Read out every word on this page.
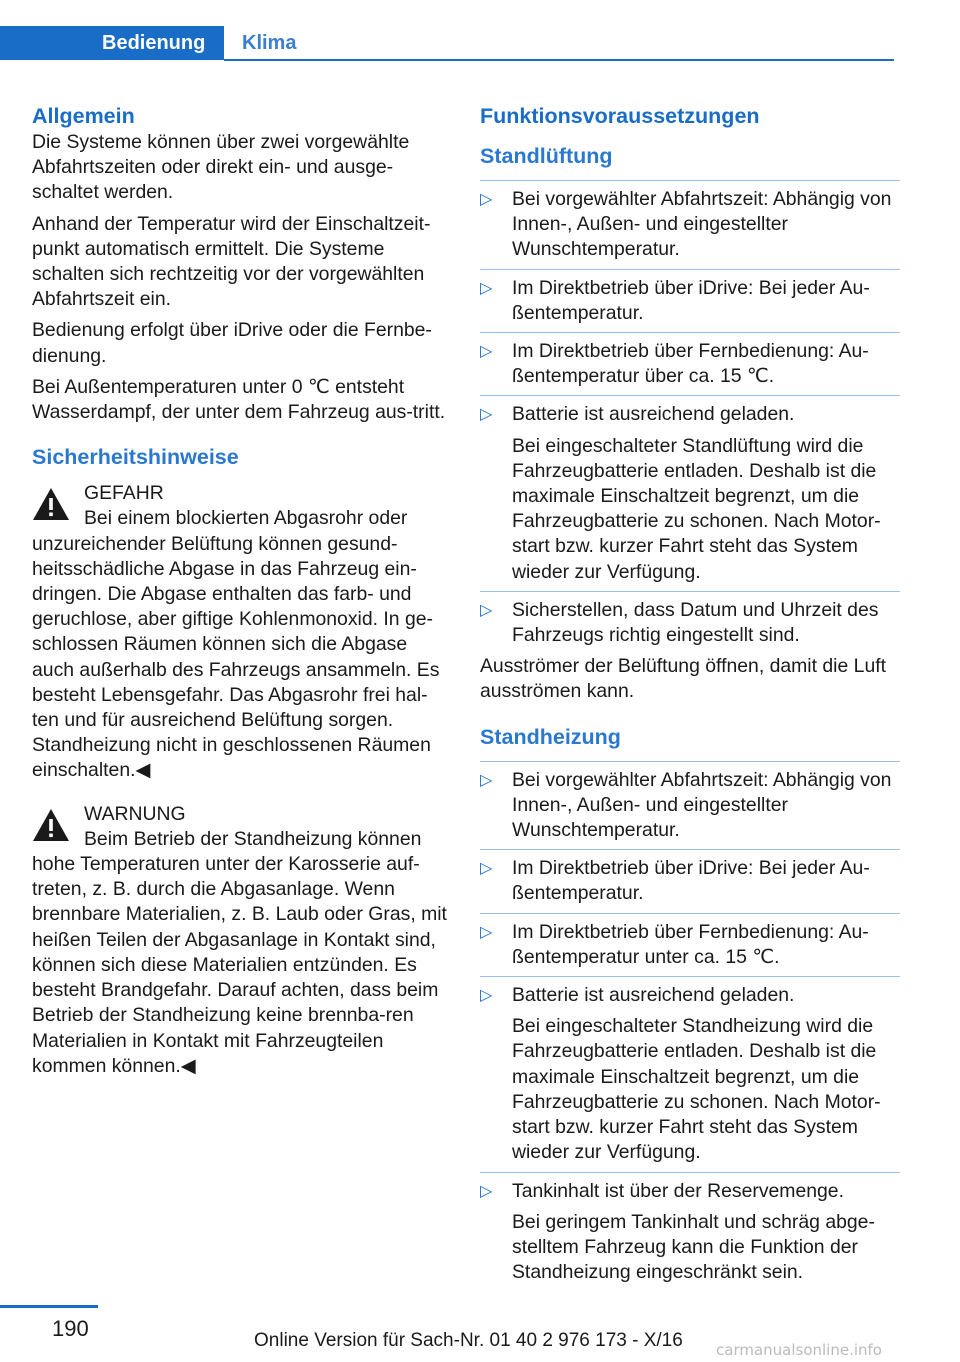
Bedienung	Klima
Allgemein

Die Systeme können über zwei vorgewählte Abfahrtszeiten oder direkt ein- und ausge‐schaltet werden.

Anhand der Temperatur wird der Einschaltzeit‐punkt automatisch ermittelt. Die Systeme schalten sich rechtzeitig vor der vorgewählten Abfahrtszeit ein.

Bedienung erfolgt über iDrive oder die Fernbe‐dienung.

Bei Außentemperaturen unter 0 ℃ entsteht Wasserdampf, der unter dem Fahrzeug aus‐tritt.

Sicherheitshinweise
GEFAHR
Bei einem blockierten Abgasrohr oder
unzureichender Belüftung können gesund‐heitsschädliche Abgase in das Fahrzeug ein‐dringen. Die Abgase enthalten das farb- und geruchlose, aber giftige Kohlenmonoxid. In ge‐schlossen Räumen können sich die Abgase auch außerhalb des Fahrzeugs ansammeln. Es besteht Lebensgefahr. Das Abgasrohr frei hal‐ten und für ausreichend Belüftung sorgen. Standheizung nicht in geschlossenen Räumen einschalten.◀
WARNUNG
Beim Betrieb der Standheizung können
hohe Temperaturen unter der Karosserie auf‐treten, z. B. durch die Abgasanlage. Wenn brennbare Materialien, z. B. Laub oder Gras, mit heißen Teilen der Abgasanlage in Kontakt sind, können sich diese Materialien entzünden. Es besteht Brandgefahr. Darauf achten, dass beim Betrieb der Standheizung keine brennba‐ren Materialien in Kontakt mit Fahrzeugteilen kommen können.◀
Funktionsvoraussetzungen
Standlüftung
▷
Bei vorgewählter Abfahrtszeit: Abhängig von Innen-, Außen- und eingestellter Wunschtemperatur.
▷
Im Direktbetrieb über iDrive: Bei jeder Au‐ßentemperatur.
▷
Im Direktbetrieb über Fernbedienung: Au‐ßentemperatur über ca. 15 ℃.
▷
Batterie ist ausreichend geladen.
Bei eingeschalteter Standlüftung wird die Fahrzeugbatterie entladen. Deshalb ist die maximale Einschaltzeit begrenzt, um die Fahrzeugbatterie zu schonen. Nach Motor‐start bzw. kurzer Fahrt steht das System wieder zur Verfügung.
▷
Sicherstellen, dass Datum und Uhrzeit des Fahrzeugs richtig eingestellt sind.

Ausströmer der Belüftung öffnen, damit die Luft ausströmen kann.

Standheizung
▷
Bei vorgewählter Abfahrtszeit: Abhängig von Innen-, Außen- und eingestellter Wunschtemperatur.
▷
Im Direktbetrieb über iDrive: Bei jeder Au‐ßentemperatur.
▷
Im Direktbetrieb über Fernbedienung: Au‐ßentemperatur unter ca. 15 ℃.
▷
Batterie ist ausreichend geladen.
Bei eingeschalteter Standheizung wird die Fahrzeugbatterie entladen. Deshalb ist die maximale Einschaltzeit begrenzt, um die Fahrzeugbatterie zu schonen. Nach Motor‐start bzw. kurzer Fahrt steht das System wieder zur Verfügung.
▷
Tankinhalt ist über der Reservemenge.
Bei geringem Tankinhalt und schräg abge‐stelltem Fahrzeug kann die Funktion der Standheizung eingeschränkt sein.
190	Online Version für Sach-Nr. 01 40 2 976 173 - X/16 carmanualsonline.info
